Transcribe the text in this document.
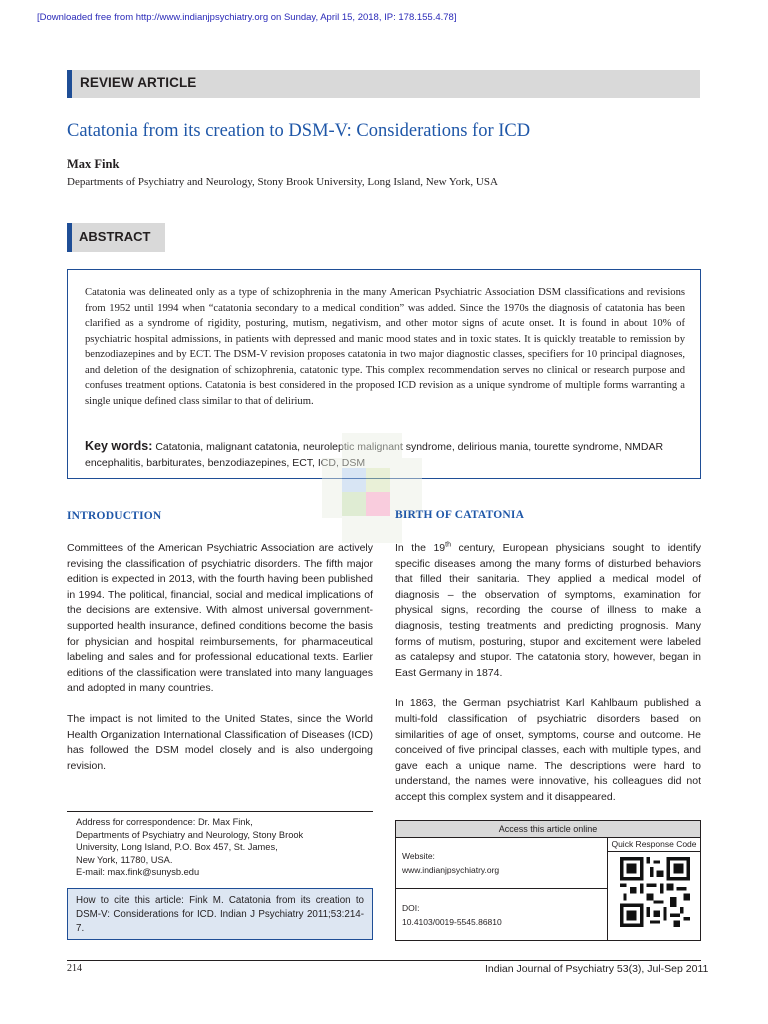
[Downloaded free from http://www.indianjpsychiatry.org on Sunday, April 15, 2018, IP: 178.155.4.78]
REVIEW ARTICLE
Catatonia from its creation to DSM-V: Considerations for ICD
Max Fink
Departments of Psychiatry and Neurology, Stony Brook University, Long Island, New York, USA
ABSTRACT
Catatonia was delineated only as a type of schizophrenia in the many American Psychiatric Association DSM classifications and revisions from 1952 until 1994 when “catatonia secondary to a medical condition” was added. Since the 1970s the diagnosis of catatonia has been clarified as a syndrome of rigidity, posturing, mutism, negativism, and other motor signs of acute onset. It is found in about 10% of psychiatric hospital admissions, in patients with depressed and manic mood states and in toxic states. It is quickly treatable to remission by benzodiazepines and by ECT. The DSM-V revision proposes catatonia in two major diagnostic classes, specifiers for 10 principal diagnoses, and deletion of the designation of schizophrenia, catatonic type. This complex recommendation serves no clinical or research purpose and confuses treatment options. Catatonia is best considered in the proposed ICD revision as a unique syndrome of multiple forms warranting a single unique defined class similar to that of delirium.
Key words: Catatonia, malignant catatonia, neuroleptic malignant syndrome, delirious mania, tourette syndrome, NMDAR encephalitis, barbiturates, benzodiazepines, ECT, ICD, DSM
INTRODUCTION	BIRTH OF CATATONIA

Committees of the American Psychiatric Association are actively revising the classification of psychiatric disorders. The fifth major edition is expected in 2013, with the fourth having been published in 1994. The political, financial, social and medical implications of the decisions are extensive. With almost universal government-supported health insurance, defined conditions become the basis for physician and hospital reimbursements, for pharmaceutical labeling and sales and for professional educational texts. Earlier editions of the classification were translated into many languages and adopted in many countries.

The impact is not limited to the United States, since the World Health Organization International Classification of Diseases (ICD) has followed the DSM model closely and is also undergoing revision.

In the 19th century, European physicians sought to identify specific diseases among the many forms of disturbed behaviors that filled their sanitaria. They applied a medical model of diagnosis – the observation of symptoms, examination for physical signs, recording the course of illness to make a diagnosis, testing treatments and predicting prognosis. Many forms of mutism, posturing, stupor and excitement were labeled as catalepsy and stupor. The catatonia story, however, began in East Germany in 1874.

In 1863, the German psychiatrist Karl Kahlbaum published a multi-fold classification of psychiatric disorders based on similarities of age of onset, symptoms, course and outcome. He conceived of five principal classes, each with multiple types, and gave each a unique name. The descriptions were hard to understand, the names were innovative, his colleagues did not accept this complex system and it disappeared.

Address for correspondence: Dr. Max Fink,
Departments of Psychiatry and Neurology, Stony Brook
University, Long Island, P.O. Box 457, St. James,
New York, 11780, USA.
E-mail: max.fink@sunysb.edu
How to cite this article: Fink M. Catatonia from its creation to DSM-V: Considerations for ICD. Indian J Psychiatry 2011;53:214-7.
Access this article online
Website:
www.indianjpsychiatry.org
DOI:
10.4103/0019-5545.86810
Quick Response Code
214	Indian Journal of Psychiatry 53(3), Jul-Sep 2011
